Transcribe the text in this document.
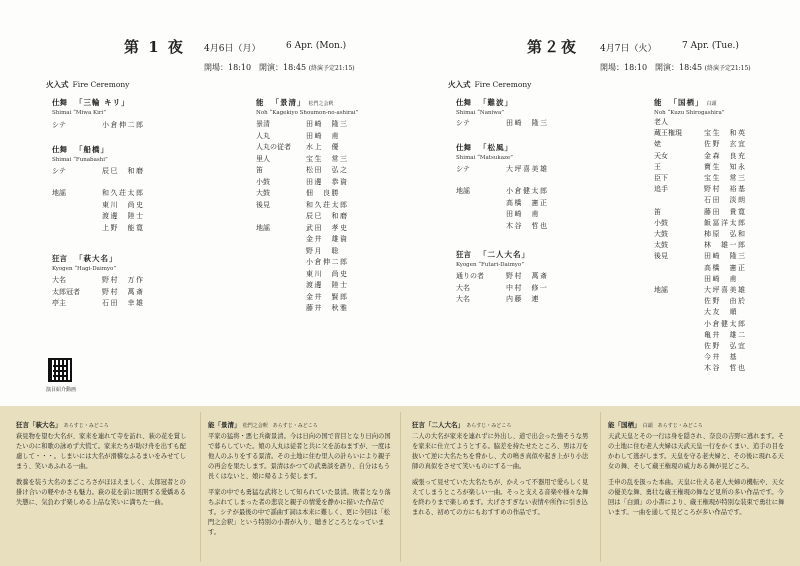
第 1 夜 4月6日（月）	6 Apr. (Mon.)
開場：18:10　開演：18:45 (終演予定21:15)
火入式 Fire Ceremony
仕舞 「三輪 キリ」
Shimai “Miwa Kiri”
シテ	小倉伸二郎
仕舞 「船橋」
Shimai “Funabashi”
シテ	辰巳　和磨
地謡	和久荘太郎
東川　尚史
渡邊　陸士
上野　能寛
狂言 「萩大名」
Kyogen “Hagi-Daimyo”
大名	野村　万作
太郎冠者	野村　萬斎
亭主	石田　幸雄
演目紹介動画
能 「景清」 松門之会釈
Noh “Kagekiyo Shoumon-no-ashirai”
景清	田崎　隆三
人丸	田崎　甫
人丸の従者	水上　優
里人	宝生　常三
笛	松田　弘之
小鼓	田邊　恭資
大鼓	佃　良勝
後見	和久荘太郎
辰巳　和磨
地謡	武田　孝史
金井　雄資
野月　聡
小倉伸二郎
東川　尚史
渡邊　陸士
金井　賢郎
藤井　秋雅
第２夜 4月7日（火）	7 Apr. (Tue.)
開場：18:10　開演：18:45 (終演予定21:15)
火入式 Fire Ceremony
仕舞 「難波」
Shimai “Naniwa”
シテ	田崎　隆三
仕舞 「松風」
Shimai “Matsukaze”
シテ	大坪喜美雄
地謡	小倉健太郎
高橋　憲正
田崎　甫
木谷　哲也
狂言 「二人大名」
Kyogen “Futari-Daimyo”
通りの者	野村　萬斎
大名	中村　修一
大名	内藤　連
能 「国栖」 白頭
Noh “Kuzu Shirogashira”
老人
蔵王権現	宝生　和英
姥	佐野　玄宜
天女	金森　良充
王	寶生　知永
臣下	宝生　常三
追手	野村　裕基
石田　淡朗
笛	藤田　貴寛
小鼓	飯冨洋太郎
大鼓	柿原　弘和
太鼓	林　雄一郎
後見	田崎　隆三
高橋　憲正
田崎　甫
地謡	大坪喜美雄
佐野　由於
大友　順
小倉健太郎
亀井　雄二
佐野　弘宜
今井　基
木谷　哲也
狂言「萩大名」 あらすじ・みどころ

萩見物を望む大名が、家来を連れて寺を訪れ、萩の花を賞したいのに和歌の詠めず大慌て。家来たちが助け舟を出すも配慮して・・・。しまいには大名が滑稽なふるまいをみせてしまう、笑いあふれる一曲。

教養を装う大名のまごころさがほほえましく、太郎冠者との掛け合いの軽やかさも魅力。萩の花を前に展開する愛嬌ある失態に、気負わず楽しめる上品な笑いに満ちた一曲。

能「景清」 松門之会釈　あらすじ・みどころ

平家の猛将・悪七兵衛景清。今は日向の国で盲目となり日向の国で暮らしていた。娘の人丸は従者と共に父を訪ねますが、一度は他人のふりをする景清。その土地に住む里人の計らいにより親子の再会を果たします。景清はかつての武勇談を語り、自分はもう長くはないと、娘に帰るよう促します。

平家の中でも勇猛な武将として知られていた景清。敗者となり落ちぶれてしまった者の悲哀と親子の情愛を静かに描いた作品です。シテが最後の中で謡曲す詞は本来に難しく、更に今回は「松門之会釈」という特別の小書が入り、聴きどころとなっています。

狂言「二人大名」 あらすじ・みどころ

二人の大名が家来を連れずに外出し、道で出会った強そうな男を家来に仕立てようとする。脇差を持たせたところ、男は刀を抜いて逆に大名たちを脅かし、犬の鳴き真似や起き上がり小法師の真似をさせて笑いものにする一曲。

威張って見せていた大名たちが、かえって不器用で愛らしく見えてしまうところが楽しい一曲。そっと支える音楽や様々な舞を終わりまで楽しめます。大げさすぎない表情や所作に引き込まれる、初めての方にもおすすめの作品です。

能「国栖」 白頭　あらすじ・みどころ

天武天皇とその一行は身を隠され、奈良の吉野に逃れます。その土地に住む老人夫婦は天武天皇一行をかくまい、追手の目をかわして逃がします。天皇を守る老夫婦と、その後に現れる天女の舞、そして蔵王権現の威力ある舞が見どころ。

壬申の乱を扱った本曲。天皇に仕える老人夫婦の機転や、天女の優美な舞、勇壮な蔵王権現の舞など見所の多い作品です。今回は「白頭」の小書により、蔵王権現が特別な装束で勇壮に舞います。一曲を通して見どころが多い作品です。
